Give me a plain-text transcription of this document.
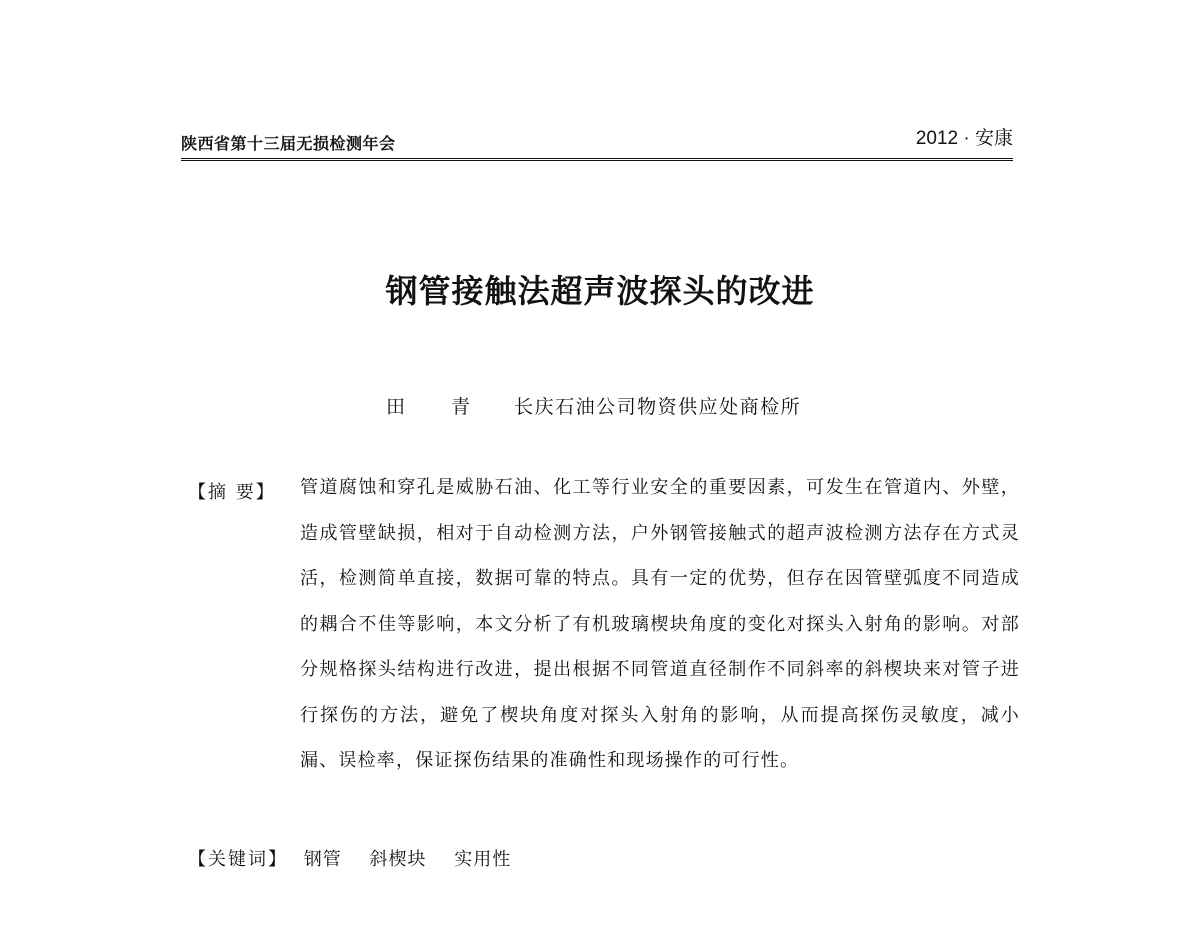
陕西省第十三届无损检测年会	2012 · 安康
钢管接触法超声波探头的改进
田 青 长庆石油公司物资供应处商检所
【摘 要】 管道腐蚀和穿孔是威胁石油、化工等行业安全的重要因素，可发生在管道内、外壁，造成管壁缺损，相对于自动检测方法，户外钢管接触式的超声波检测方法存在方式灵活，检测简单直接，数据可靠的特点。具有一定的优势，但存在因管壁弧度不同造成的耦合不佳等影响，本文分析了有机玻璃楔块角度的变化对探头入射角的影响。对部分规格探头结构进行改进，提出根据不同管道直径制作不同斜率的斜楔块来对管子进行探伤的方法，避免了楔块角度对探头入射角的影响，从而提高探伤灵敏度，减小漏、误检率，保证探伤结果的准确性和现场操作的可行性。
【关键词】 钢管 斜楔块 实用性
